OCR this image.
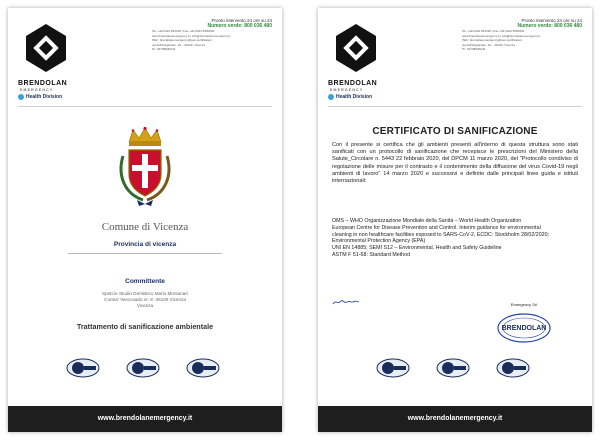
BRENDOLAN
EMERGENCY
Health Division
Pronto intervento 24 ore su 24
Numero verde: 800 036 480
Tel. +39 0444 564318 | Fax +39 0444 5650000
www.brendolanemergency.it | info@brendolanemergency.it
PEC: brendolanemergency@pec.certificata.it
via dell'artigianato, 19 – 36100, Vicenza
P.I. 03708930242
Comune di Vicenza
Provincia di vicenza
Committente
Spett.le Studio Dentistico Mario Montanari
Contra' Vescovado nr. 8 -36100 Vicenza
Vicenza
Trattamento di sanificazione ambientale
www.brendolanemergency.it
BRENDOLAN
EMERGENCY
Health Division
Pronto intervento 24 ore su 24
Numero verde: 800 036 480
Tel. +39 0444 564318 | Fax +39 0444 5650000
www.brendolanemergency.it | info@brendolanemergency.it
PEC: brendolanemergency@pec.certificata.it
via dell'artigianato, 19 – 36100, Vicenza
P.I. 03708930242
CERTIFICATO DI SANIFICAZIONE

Con il presente si certifica che gli ambienti presenti all'interno di questa struttura sono stati sanificati con un protocollo di sanificazione che recepisce le prescrizioni del Ministero della Salute_Circolare n. 5443 22 febbraio 2020, del DPCM 11 marzo 2020, del "Protocollo condiviso di regolazione delle misure per il contrasto e il contenimento della diffusione del virus Covid-19 negli ambienti di lavoro" 14 marzo 2020 e successivi e definite dalle principali linee guida e istituti internazionali:

OMS – WHO Organizzazione Mondiale della Sanità – World Health Organization

European Centre for Disease Prevention and Control. Interim guidance for environmental

cleaning in non healthcare facilities exposed to SARS-CoV-2, ECDC: Stockholm 28/02/2020;

Environmental Protection Agency (EPA)

UNI EN 14885; SEMI S12 – Environmental, Health and Safety Guideline

ASTM F 51-68: Standard Method

Emergency Srl
BRENDOLAN
www.brendolanemergency.it
